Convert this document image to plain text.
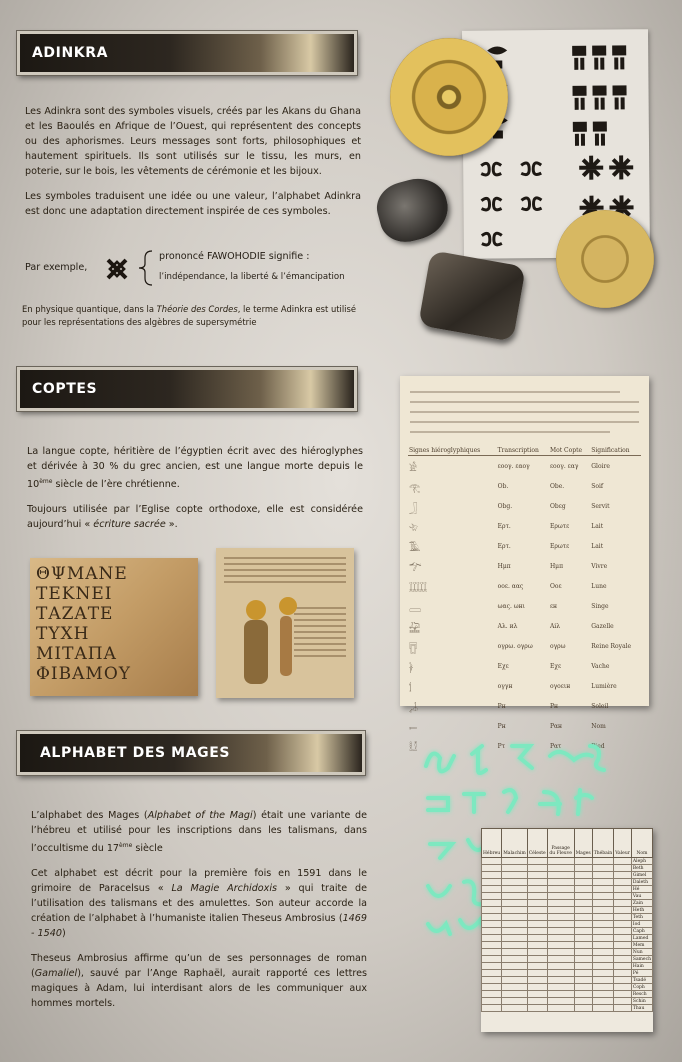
ADINKRA

Les Adinkra sont des symboles visuels, créés par les Akans du Ghana et les Baoulés en Afrique de l’Ouest, qui représentent des concepts ou des aphorismes. Leurs messages sont forts, philosophiques et hautement spirituels. Ils sont utilisés sur le tissu, les murs, en poterie, sur le bois, les vêtements de cérémonie et les bijoux.

Les symboles traduisent une idée ou une valeur, l’alphabet Adinkra est donc une adaptation directement inspirée de ces symboles.

Par exemple,
prononcé FAWOHODIE signifie :
l’indépendance, la liberté & l’émancipation
En physique quantique, dans la Théorie des Cordes, le terme Adinkra est utilisé pour les représentations des algèbres de supersymétrie
COPTES

La langue copte, héritière de l’égyptien écrit avec des hiéroglyphes et dérivée à 30 % du grec ancien, est une langue morte depuis le 10ème siècle de l’ère chrétienne.

Toujours utilisée par l’Eglise copte orthodoxe, elle est considérée aujourd’hui « écriture sacrée ».

ΘΨΜΑΝΕ
ΤΕΚΝΕΙ
ΤΑΖΑΤΕ
ΤΥΧΗ
ΜΙΤΑΠΑ
ΦΙΒΑΜΟΥ
Signes hiéroglyphiques	Transcription	Mot Copte	Signification
𓀀	εοογ. εαογ	εοογ. εαγ	Gloire
𓂀	Ob.	Obe.	Soif
𓃀	Obg.	Obεg	Servit
𓄀	Ερτ.	Ερωτε	Lait
𓅀	Ερτ.	Ερωτε	Lait
𓆀	Hμπ	Hμπ	Vivre
𓇀	οοε. αας	Οοε	Lune
𓈀	ωας. ωнι	εн	Singe
𓉀	Aλ. иλ	Aiλ	Gazelle
𓊀	ογρω. ογρω	ογρω	Reine Royale
𓋀	Εχε	Εχε	Vache
𓌀	ογγн	ογοειн	Lumière
𓍀	Pн	Pн	Soleil
𓎀	Pн	Pαн	Nom
𓏀	Pτ	Pατ	Pied
ALPHABET DES MAGES

L’alphabet des Mages (Alphabet of the Magi) était une variante de l’hébreu et utilisé pour les inscriptions dans les talismans, dans l’occultisme du 17ème siècle

Cet alphabet est décrit pour la première fois en 1591 dans le grimoire de Paracelsus « La Magie Archidoxis » qui traite de l’utilisation des talismans et des amulettes. Son auteur accorde la création de l’alphabet à l’humaniste italien Theseus Ambrosius (1469 - 1540)

Theseus Ambrosius affirme qu’un de ses personnages de roman (Gamaliel), sauvé par l’Ange Raphaël, aurait rapporté ces lettres magiques à Adam, lui interdisant alors de les communiquer aux hommes mortels.

Hébreu	Malachim	Céleste	Passage du Fleuve	Mages	Thébain	Valeur	Nom
							Aleph
							Beth
							Gimel
							Daleth
							Hé
							Vau
							Zain
							Heth
							Teth
							Iod
							Caph
							Lamed
							Mem
							Nun
							Samech
							Hain
							Pé
							Tsadé
							Coph
							Resch
							Schin
							Thau
